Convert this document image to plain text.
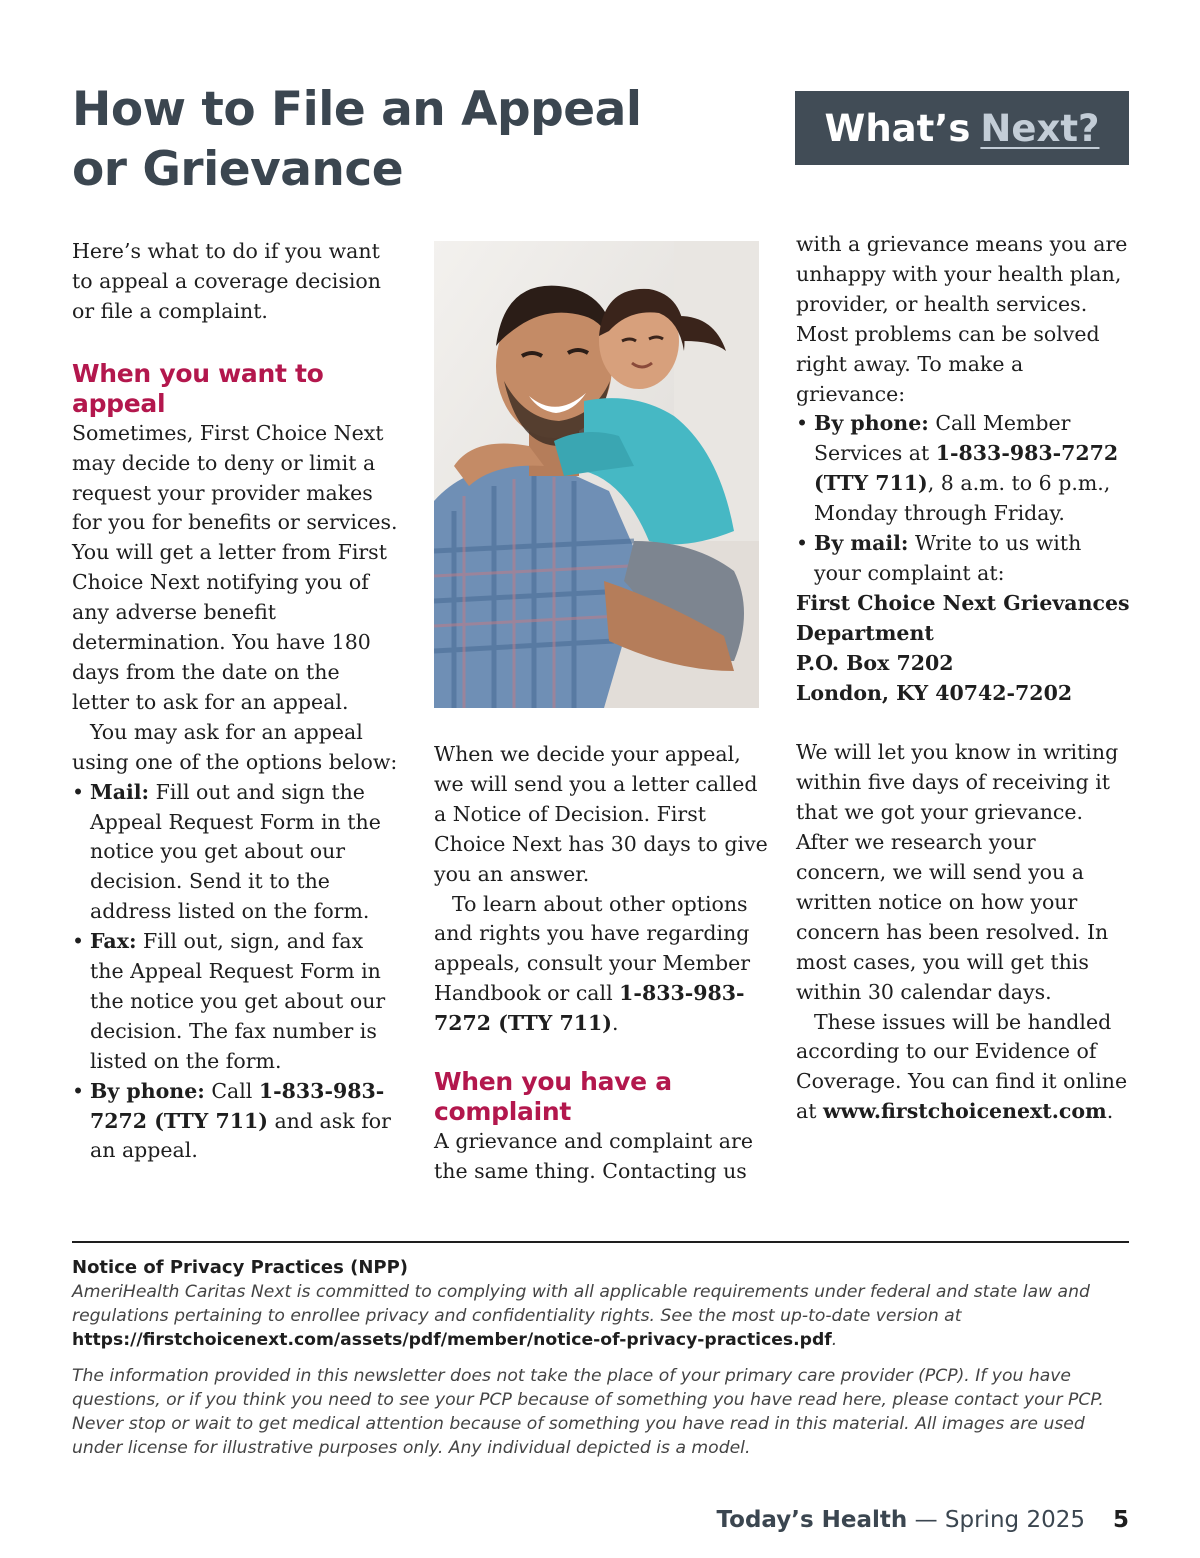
How to File an Appeal
or Grievance
What’s Next?

Here’s what to do if you want to appeal a coverage decision or file a complaint.

When you want to appeal

Sometimes, First Choice Next may decide to deny or limit a request your provider makes for you for benefits or services. You will get a letter from First Choice Next notifying you of any adverse benefit determination. You have 180 days from the date on the letter to ask for an appeal.

You may ask for an appeal using one of the options below:

• Mail: Fill out and sign the Appeal Request Form in the notice you get about our decision. Send it to the address listed on the form.
• Fax: Fill out, sign, and fax the Appeal Request Form in the notice you get about our decision. The fax number is listed on the form.
• By phone: Call 1-833-983-7272 (TTY 711) and ask for an appeal.

When we decide your appeal, we will send you a letter called a Notice of Decision. First Choice Next has 30 days to give you an answer.

To learn about other options and rights you have regarding appeals, consult your Member Handbook or call 1-833-983-7272 (TTY 711).

When you have a complaint

A grievance and complaint are the same thing. Contacting us

with a grievance means you are unhappy with your health plan, provider, or health services. Most problems can be solved right away. To make a grievance:

• By phone: Call Member Services at 1-833-983-7272 (TTY 711), 8 a.m. to 6 p.m., Monday through Friday.
• By mail: Write to us with your complaint at:

First Choice Next Grievances Department
P.O. Box 7202
London, KY 40742-7202

We will let you know in writing within five days of receiving it that we got your grievance. After we research your concern, we will send you a written notice on how your concern has been resolved. In most cases, you will get this within 30 calendar days.

These issues will be handled according to our Evidence of Coverage. You can find it online at www.firstchoicenext.com.

Notice of Privacy Practices (NPP)

AmeriHealth Caritas Next is committed to complying with all applicable requirements under federal and state law and regulations pertaining to enrollee privacy and confidentiality rights. See the most up-to-date version at https://firstchoicenext.com/assets/pdf/member/notice-of-privacy-practices.pdf.

The information provided in this newsletter does not take the place of your primary care provider (PCP). If you have questions, or if you think you need to see your PCP because of something you have read here, please contact your PCP. Never stop or wait to get medical attention because of something you have read in this material. All images are used under license for illustrative purposes only. Any individual depicted is a model.

Today’s Health — Spring 2025 5
